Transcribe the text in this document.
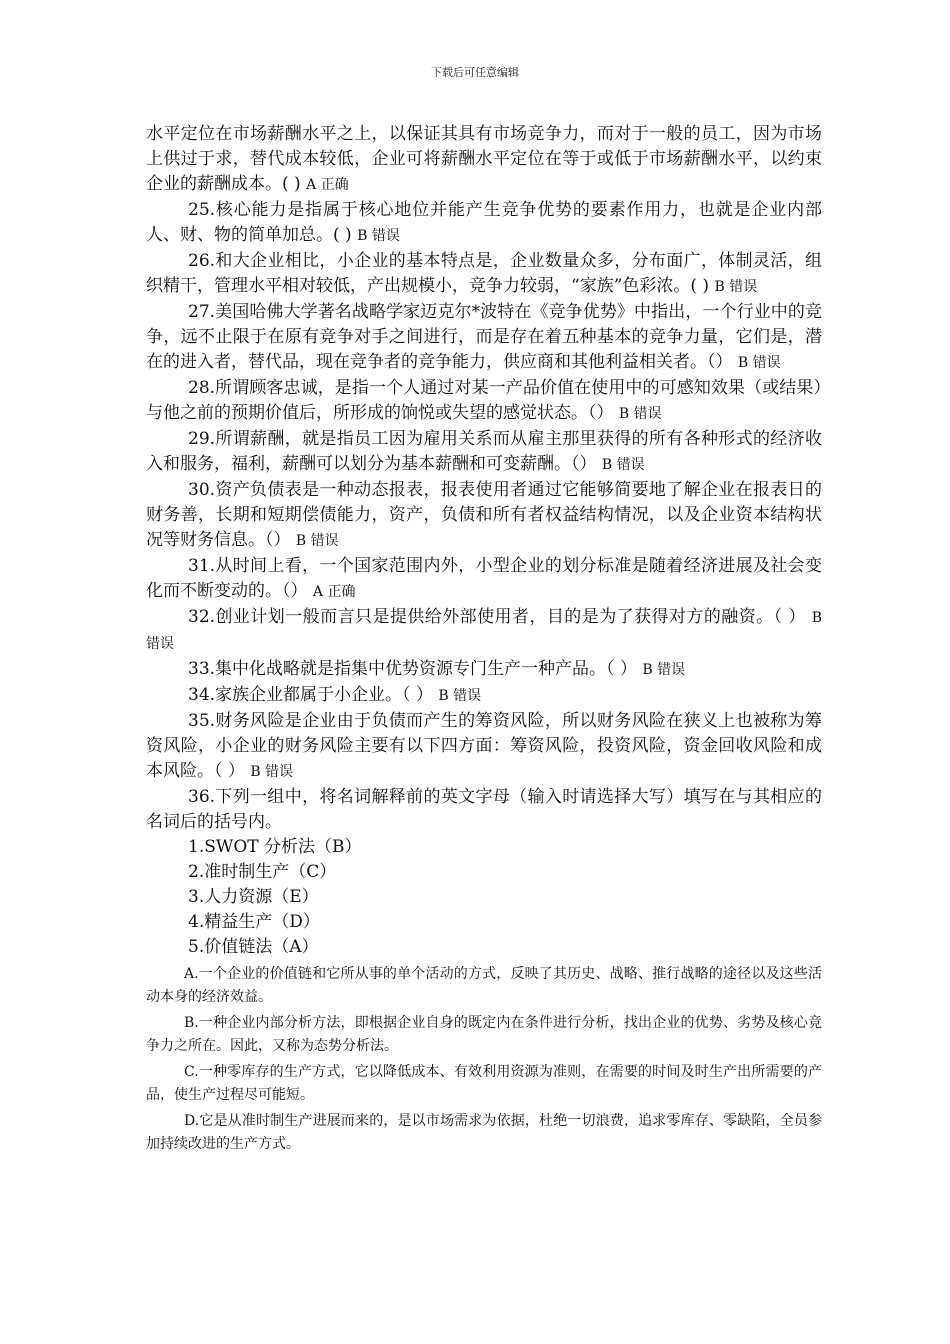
下载后可任意编辑

水平定位在市场薪酬水平之上，以保证其具有市场竞争力，而对于一般的员工，因为市场上供过于求，替代成本较低，企业可将薪酬水平定位在等于或低于市场薪酬水平，以约束企业的薪酬成本。( ) A 正确

25.核心能力是指属于核心地位并能产生竞争优势的要素作用力，也就是企业内部人、财、物的简单加总。( ) B 错误

26.和大企业相比，小企业的基本特点是，企业数量众多，分布面广，体制灵活，组织精干，管理水平相对较低，产出规模小，竞争力较弱，“家族”色彩浓。( ) B 错误

27.美国哈佛大学著名战略学家迈克尔*波特在《竞争优势》中指出，一个行业中的竞争，远不止限于在原有竞争对手之间进行，而是存在着五种基本的竞争力量，它们是，潜在的进入者，替代品，现在竞争者的竞争能力，供应商和其他利益相关者。（） B 错误

28.所谓顾客忠诚，是指一个人通过对某一产品价值在使用中的可感知效果（或结果）与他之前的预期价值后，所形成的饷悦或失望的感觉状态。（） B 错误

29.所谓薪酬，就是指员工因为雇用关系而从雇主那里获得的所有各种形式的经济收入和服务，福利，薪酬可以划分为基本薪酬和可变薪酬。（） B 错误

30.资产负债表是一种动态报表，报表使用者通过它能够简要地了解企业在报表日的财务善，长期和短期偿债能力，资产，负债和所有者权益结构情况，以及企业资本结构状况等财务信息。（） B 错误

31.从时间上看，一个国家范围内外，小型企业的划分标准是随着经济进展及社会变化而不断变动的。（） A 正确

32.创业计划一般而言只是提供给外部使用者，目的是为了获得对方的融资。（ ） B 错误

33.集中化战略就是指集中优势资源专门生产一种产品。（ ） B 错误

34.家族企业都属于小企业。（ ） B 错误

35.财务风险是企业由于负债而产生的筹资风险，所以财务风险在狭义上也被称为筹资风险，小企业的财务风险主要有以下四方面：筹资风险，投资风险，资金回收风险和成本风险。（ ） B 错误

36.下列一组中，将名词解释前的英文字母（输入时请选择大写）填写在与其相应的名词后的括号内。

1.SWOT 分析法（B）
2.准时制生产（C）
3.人力资源（E）
4.精益生产（D）
5.价值链法（A）

A.一个企业的价值链和它所从事的单个活动的方式，反映了其历史、战略、推行战略的途径以及这些活动本身的经济效益。

B.一种企业内部分析方法，即根据企业自身的既定内在条件进行分析，找出企业的优势、劣势及核心竞争力之所在。因此，又称为态势分析法。

C.一种零库存的生产方式，它以降低成本、有效利用资源为准则，在需要的时间及时生产出所需要的产品，使生产过程尽可能短。

D.它是从准时制生产进展而来的，是以市场需求为依据，杜绝一切浪费，追求零库存、零缺陷，全员参加持续改进的生产方式。
